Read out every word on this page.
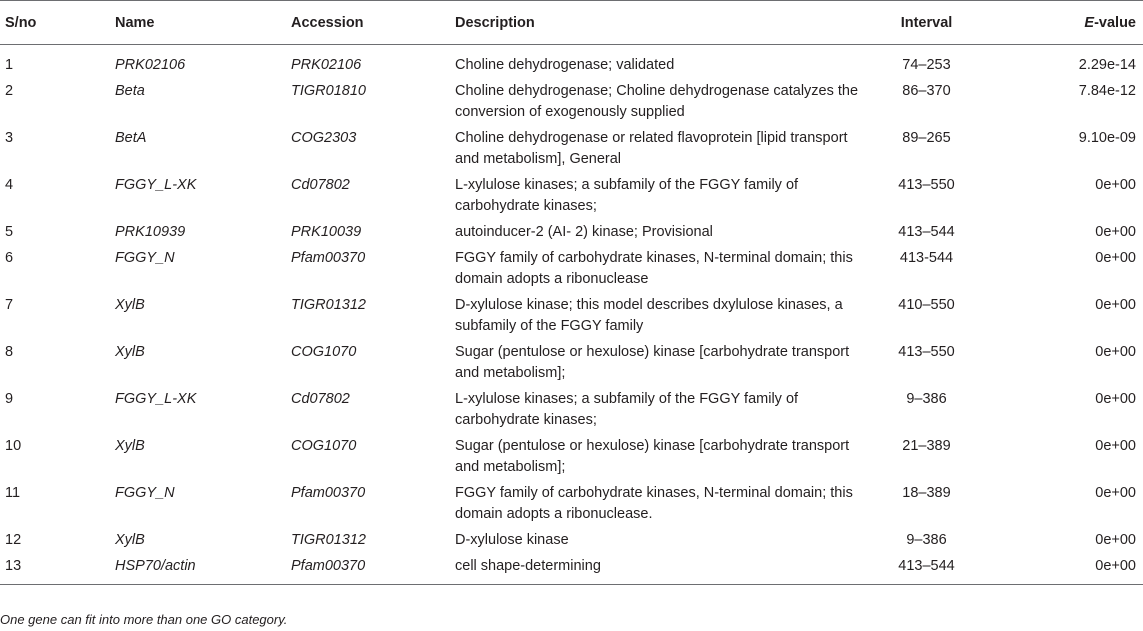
S/no	Name	Accession	Description	Interval	E-value
1	PRK02106	PRK02106	Choline dehydrogenase; validated	74–253	2.29e-14
2	Beta	TIGR01810	Choline dehydrogenase; Choline dehydrogenase catalyzes the conversion of exogenously supplied	86–370	7.84e-12
3	BetA	COG2303	Choline dehydrogenase or related flavoprotein [lipid transport and metabolism], General	89–265	9.10e-09
4	FGGY_L-XK	Cd07802	L-xylulose kinases; a subfamily of the FGGY family of carbohydrate kinases;	413–550	0e+00
5	PRK10939	PRK10039	autoinducer-2 (AI- 2) kinase; Provisional	413–544	0e+00
6	FGGY_N	Pfam00370	FGGY family of carbohydrate kinases, N-terminal domain; this domain adopts a ribonuclease	413-544	0e+00
7	XylB	TIGR01312	D-xylulose kinase; this model describes dxylulose kinases, a subfamily of the FGGY family	410–550	0e+00
8	XylB	COG1070	Sugar (pentulose or hexulose) kinase [carbohydrate transport and metabolism];	413–550	0e+00
9	FGGY_L-XK	Cd07802	L-xylulose kinases; a subfamily of the FGGY family of carbohydrate kinases;	9–386	0e+00
10	XylB	COG1070	Sugar (pentulose or hexulose) kinase [carbohydrate transport and metabolism];	21–389	0e+00
11	FGGY_N	Pfam00370	FGGY family of carbohydrate kinases, N-terminal domain; this domain adopts a ribonuclease.	18–389	0e+00
12	XylB	TIGR01312	D-xylulose kinase	9–386	0e+00
13	HSP70/actin	Pfam00370	cell shape-determining	413–544	0e+00
One gene can fit into more than one GO category.
